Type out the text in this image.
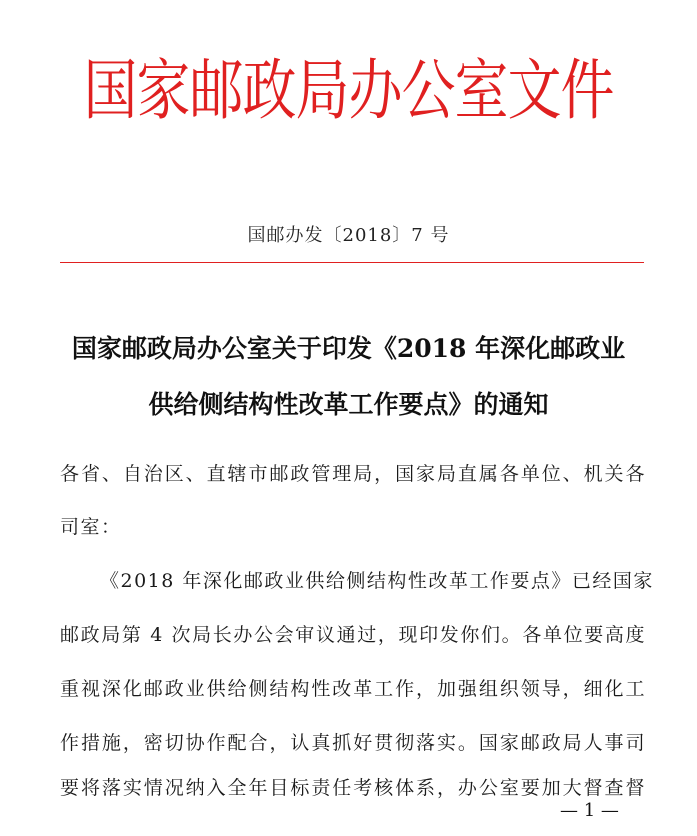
国家邮政局办公室文件
国邮办发〔2018〕7 号
国家邮政局办公室关于印发《2018 年深化邮政业
供给侧结构性改革工作要点》的通知
各省、自治区、直辖市邮政管理局，国家局直属各单位、机关各
司室：
《2018 年深化邮政业供给侧结构性改革工作要点》已经国家
邮政局第 4 次局长办公会审议通过，现印发你们。各单位要高度
重视深化邮政业供给侧结构性改革工作，加强组织领导，细化工
作措施，密切协作配合，认真抓好贯彻落实。国家邮政局人事司
要将落实情况纳入全年目标责任考核体系，办公室要加大督查督
— 1 —
